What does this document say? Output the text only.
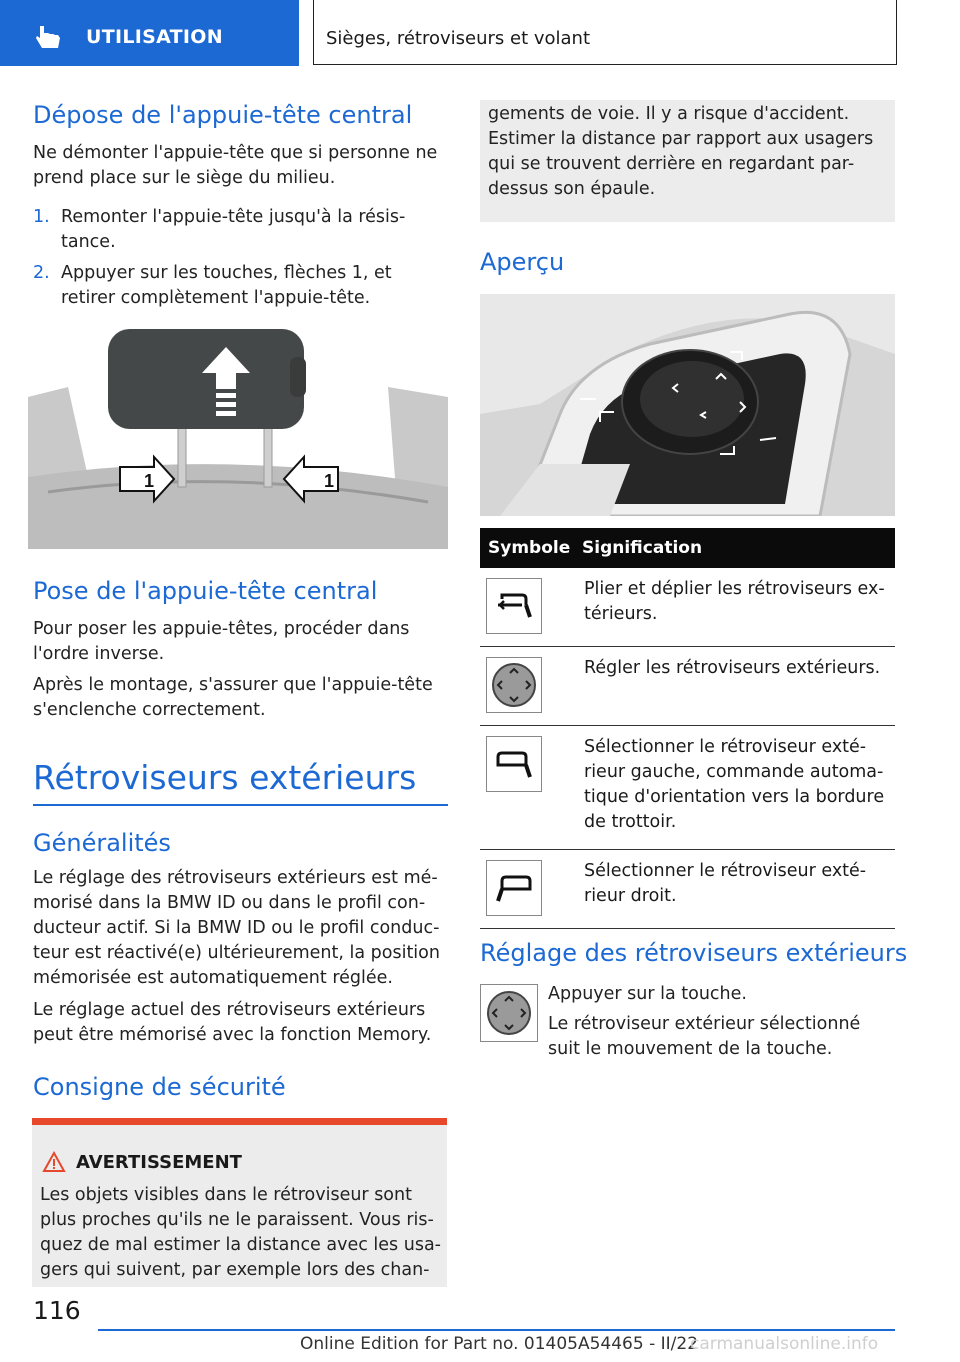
UTILISATION	Sièges, rétroviseurs et volant
Dépose de l'appuie-tête central
Ne démonter l'appuie-tête que si personne ne prend place sur le siège du milieu.
1. Remonter l'appuie-tête jusqu'à la résis-tance.
2. Appuyer sur les touches, flèches 1, et retirer complètement l'appuie-tête.
1	1
Pose de l'appuie-tête central
Pour poser les appuie-têtes, procéder dans l'ordre inverse.
Après le montage, s'assurer que l'appuie-tête s'enclenche correctement.
Rétroviseurs extérieurs
Généralités
Le réglage des rétroviseurs extérieurs est mé-morisé dans la BMW ID ou dans le profil con-ducteur actif. Si la BMW ID ou le profil conduc-teur est réactivé(e) ultérieurement, la position mémorisée est automatiquement réglée.
Le réglage actuel des rétroviseurs extérieurs peut être mémorisé avec la fonction Memory.
Consigne de sécurité
AVERTISSEMENT
Les objets visibles dans le rétroviseur sont plus proches qu'ils ne le paraissent. Vous ris-quez de mal estimer la distance avec les usa-gers qui suivent, par exemple lors des chan-
gements de voie. Il y a risque d'accident. Estimer la distance par rapport aux usagers qui se trouvent derrière en regardant par-dessus son épaule.
Aperçu
Symbole	Signification

	Plier et déplier les rétroviseurs ex-térieurs.

	Régler les rétroviseurs extérieurs.

	Sélectionner le rétroviseur exté-rieur gauche, commande automa-tique d'orientation vers la bordure de trottoir.

	Sélectionner le rétroviseur exté-rieur droit.
Réglage des rétroviseurs extérieurs
Appuyer sur la touche.
Le rétroviseur extérieur sélectionné suit le mouvement de la touche.
116
Online Edition for Part no. 01405A54465 - II/22
carmanualsonline.info
